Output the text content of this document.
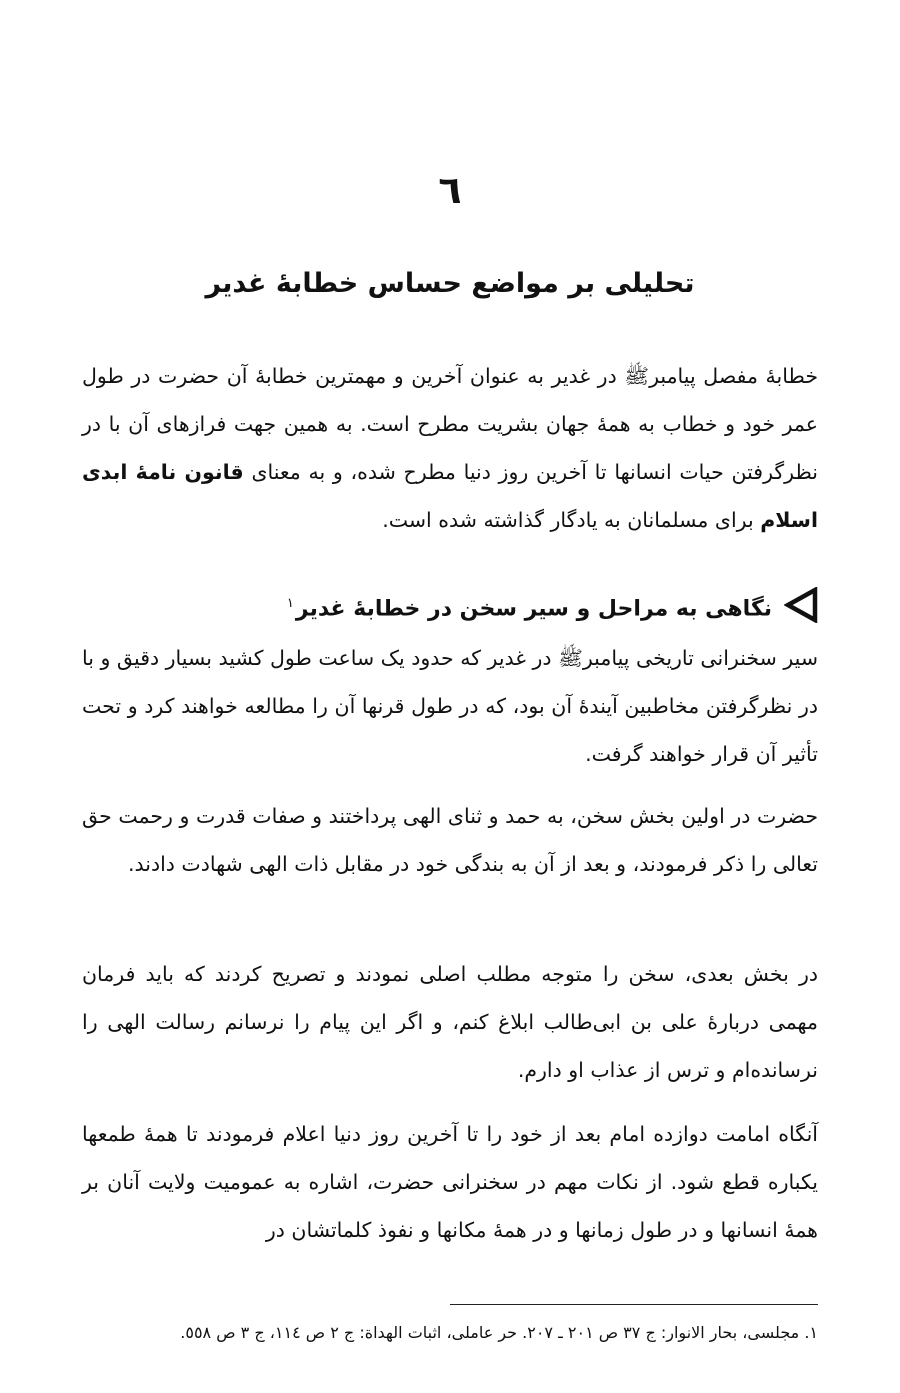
٦
تحلیلی بر مواضع حساس خطابهٔ غدیر

خطابهٔ مفصل پیامبرﷺ در غدیر به عنوان آخرین و مهمترین خطابهٔ آن حضرت در طول عمر خود و خطاب به همهٔ جهان بشریت مطرح است. به همین جهت فرازهای آن با در نظرگرفتن حیات انسانها تا آخرین روز دنیا مطرح شده، و به معنای قانون نامهٔ ابدی اسلام برای مسلمانان به یادگار گذاشته شده است.

نگاهی به مراحل و سیر سخن در خطابهٔ غدیر$^١$

سیر سخنرانی تاریخی پیامبرﷺ در غدیر که حدود یک ساعت طول کشید بسیار دقیق و با در نظرگرفتن مخاطبین آیندهٔ آن بود، که در طول قرنها آن را مطالعه خواهند کرد و تحت تأثیر آن قرار خواهند گرفت.

حضرت در اولین بخش سخن، به حمد و ثنای الهی پرداختند و صفات قدرت و رحمت حق تعالی را ذکر فرمودند، و بعد از آن به بندگی خود در مقابل ذات الهی شهادت دادند.

در بخش بعدی، سخن را متوجه مطلب اصلی نمودند و تصریح کردند که باید فرمان مهمی دربارهٔ علی بن ابی‌طالب ابلاغ کنم، و اگر این پیام را نرسانم رسالت الهی را نرسانده‌ام و ترس از عذاب او دارم.

آنگاه امامت دوازده امام بعد از خود را تا آخرین روز دنیا اعلام فرمودند تا همهٔ طمعها یکباره قطع شود. از نکات مهم در سخنرانی حضرت، اشاره به عمومیت ولایت آنان بر همهٔ انسانها و در طول زمانها و در همهٔ مکانها و نفوذ کلماتشان در

١. مجلسی، بحار الانوار: ج ٣٧ ص ٢٠١ ـ ٢٠٧. حر عاملی، اثبات الهداة: ج ٢ ص ١١٤، ج ٣ ص ٥٥٨.
